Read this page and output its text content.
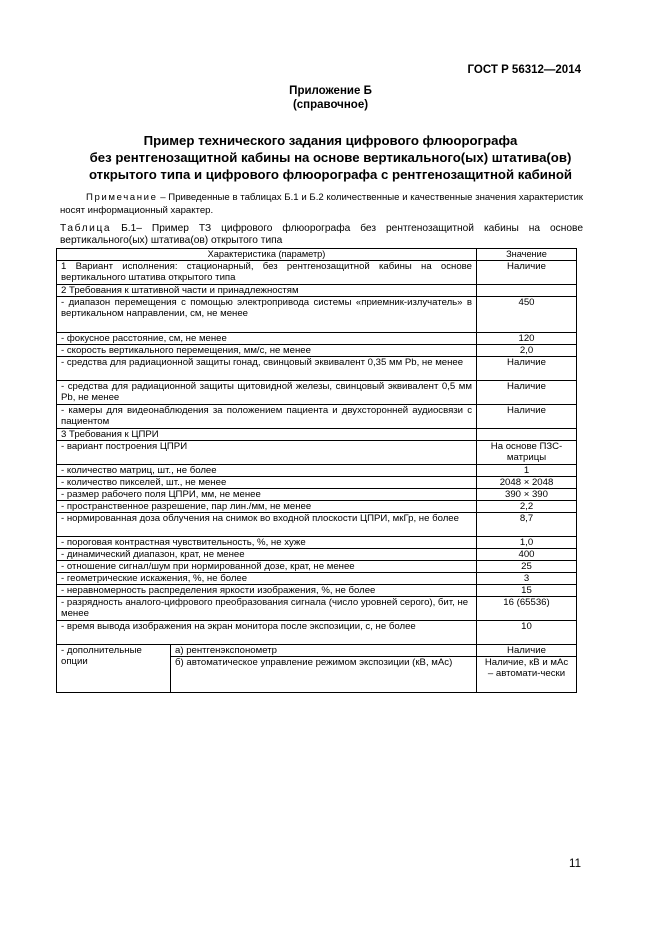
ГОСТ Р 56312—2014
Приложение Б
(справочное)
Пример технического задания цифрового флюорографа
без рентгенозащитной кабины на основе вертикального(ых) штатива(ов)
открытого типа и цифрового флюорографа с рентгенозащитной кабиной
Примечание – Приведенные в таблицах Б.1 и Б.2 количественные и качественные значения характеристик носят информационный характер.
Таблица Б.1– Пример ТЗ цифрового флюорографа без рентгенозащитной кабины на основе вертикального(ых) штатива(ов) открытого типа
Характеристика (параметр)		Значение
1 Вариант исполнения: стационарный, без рентгенозащитной кабины на основе вертикального штатива открытого типа		Наличие
2 Требования к штативной части и принадлежностям		
- диапазон перемещения с помощью электропривода системы «приемник-излучатель» в вертикальном направлении, см, не менее		450
- фокусное расстояние, см, не менее		120
- скорость вертикального перемещения, мм/с, не менее		2,0
- средства для радиационной защиты гонад, свинцовый эквивалент 0,35 мм Pb, не менее		Наличие
- средства для радиационной защиты щитовидной железы, свинцовый эквивалент 0,5 мм Pb, не менее		Наличие
- камеры для видеонаблюдения за положением пациента и двухсторонней аудиосвязи с пациентом		Наличие
3 Требования к ЦПРИ		
- вариант построения ЦПРИ		На основе ПЗС-матрицы
- количество матриц, шт., не более		1
- количество пикселей, шт., не менее		2048 × 2048
- размер рабочего поля ЦПРИ, мм, не менее		390 × 390
- пространственное разрешение, пар лин./мм, не менее		2,2
- нормированная доза облучения на снимок во входной плоскости ЦПРИ, мкГр, не более		8,7
- пороговая контрастная чувствительность, %, не хуже		1,0
- динамический диапазон, крат, не менее		400
- отношение сигнал/шум при нормированной дозе, крат, не менее		25
- геометрические искажения, %, не более		3
- неравномерность распределения яркости изображения, %, не более		15
- разрядность аналого-цифрового преобразования сигнала (число уровней серого), бит, не менее		16 (65536)
- время вывода изображения на экран монитора после экспозиции, с, не более		10
- дополнительные опции	а) рентгенэкспонометр	Наличие
	б) автоматическое управление режимом экспозиции (кВ, мАс)	Наличие, кВ и мАс – автомати-чески
11
